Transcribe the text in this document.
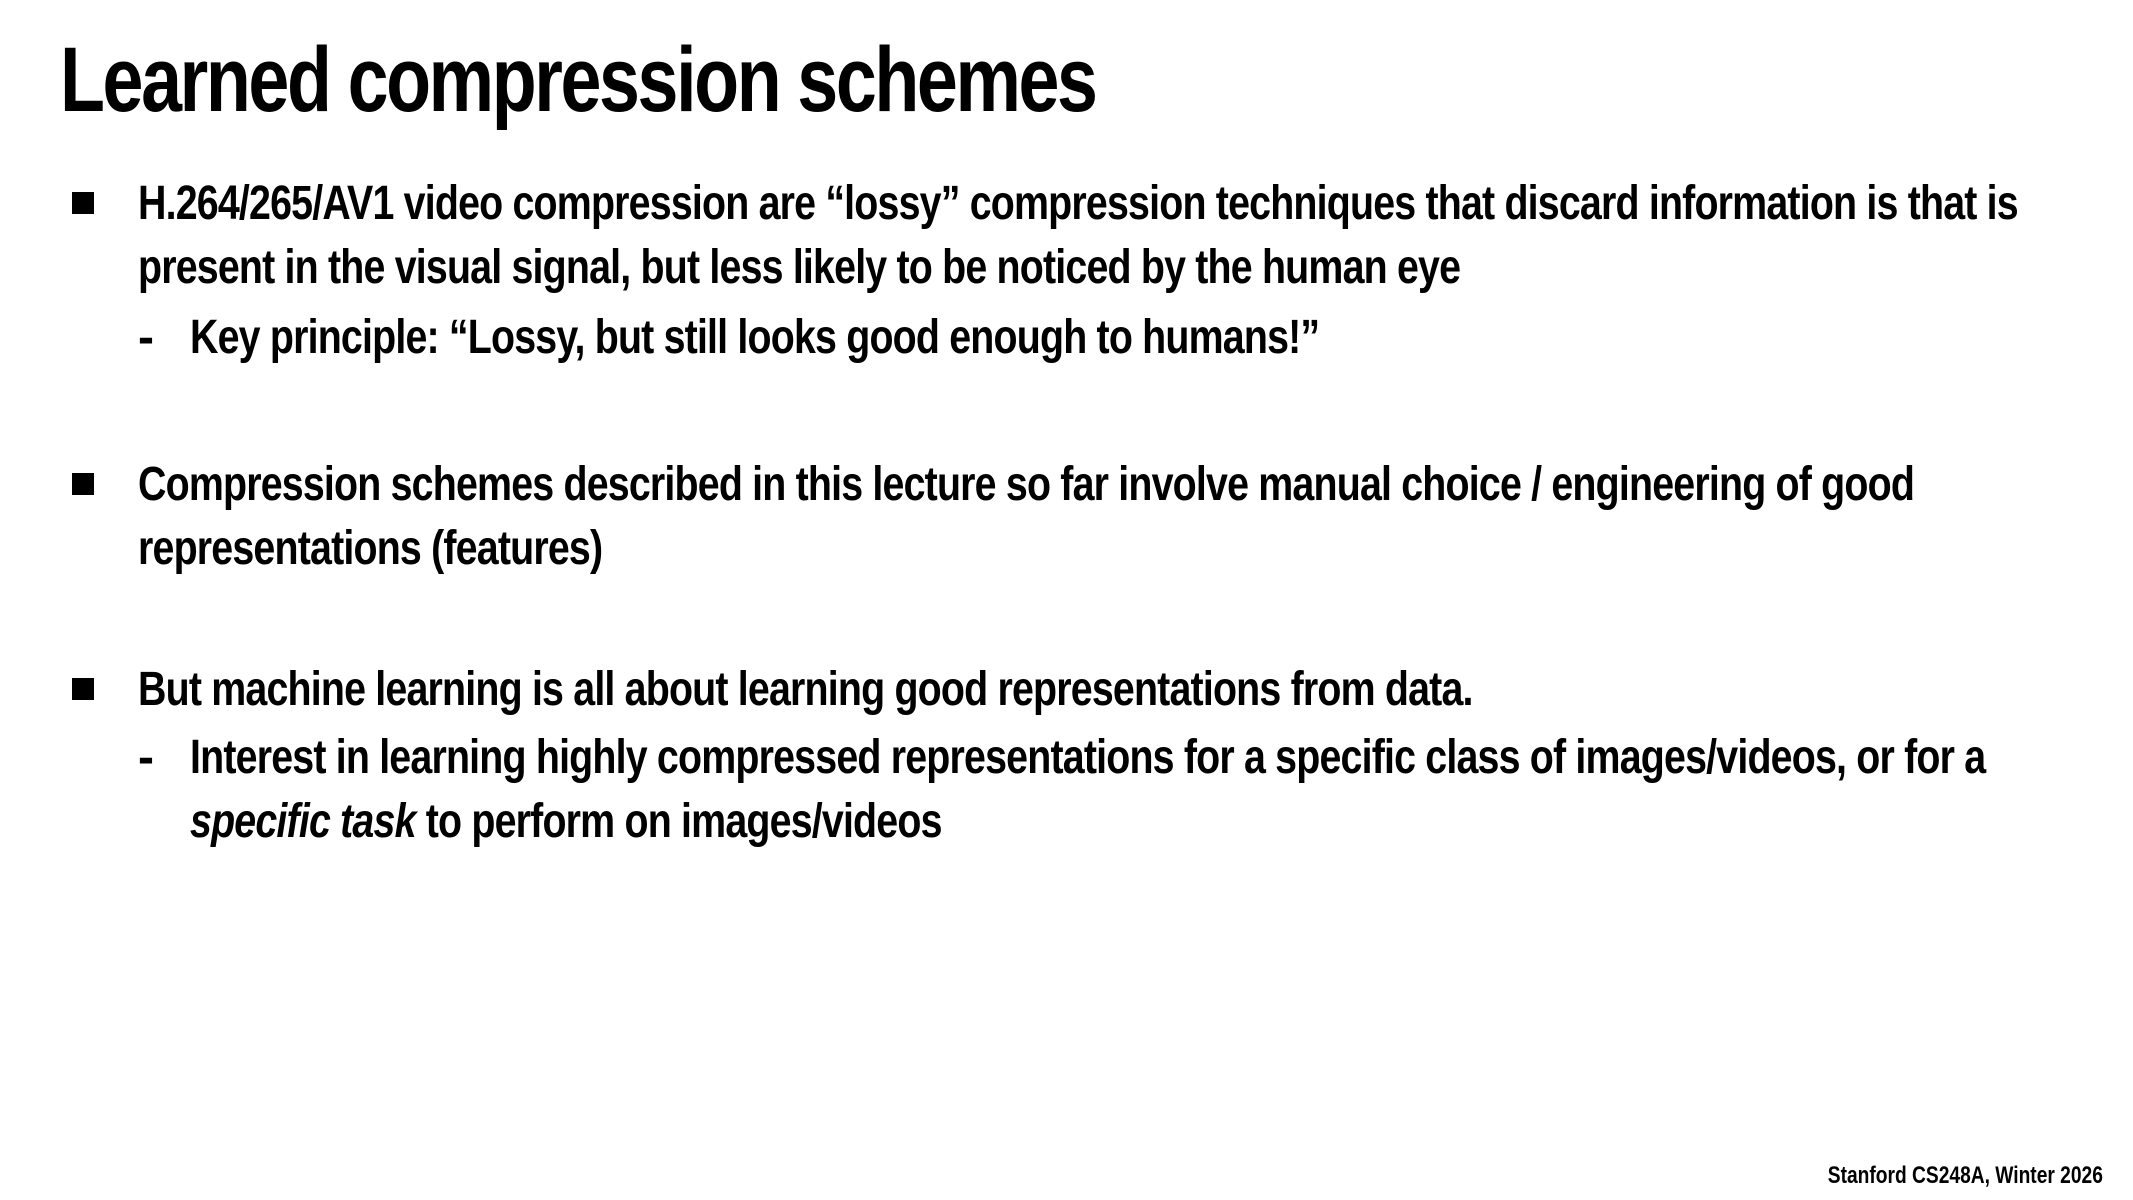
Learned compression schemes
H.264/265/AV1 video compression are “lossy” compression techniques that discard information is that is present in the visual signal, but less likely to be noticed by the human eye
- Key principle: “Lossy, but still looks good enough to humans!”
Compression schemes described in this lecture so far involve manual choice / engineering of good representations (features)
But machine learning is all about learning good representations from data.
- Interest in learning highly compressed representations for a specific class of images/videos, or for a specific task to perform on images/videos
Stanford CS248A, Winter 2026
